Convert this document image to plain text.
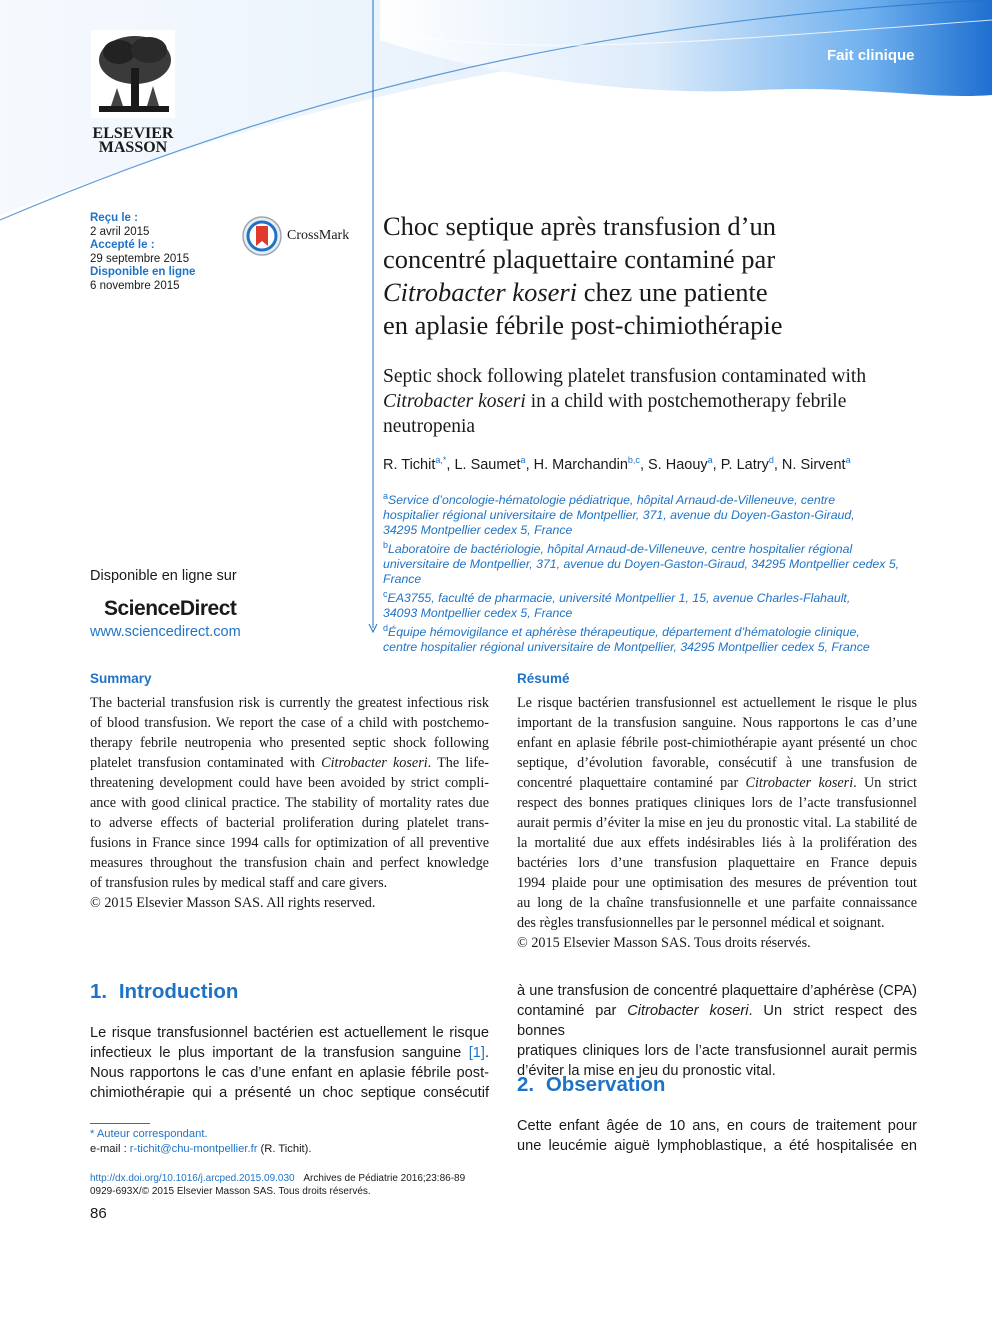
Fait clinique
ELSEVIER
MASSON
Reçu le :
2 avril 2015
Accepté le :
29 septembre 2015
Disponible en ligne
6 novembre 2015
CrossMark Choc septique après transfusion d’un
concentré plaquettaire contaminé par
Citrobacter koseri chez une patiente
en aplasie fébrile post-chimiothérapie
Septic shock following platelet transfusion contaminated with
Citrobacter koseri in a child with postchemotherapy febrile
neutropenia
R. Tichit$^{a,*}$, L. Saumet$^a$, H. Marchandin$^{b,c}$, S. Haouy$^a$, P. Latry$^d$, N. Sirvent$^a$
$^a$Service d’oncologie-hématologie pédiatrique, hôpital Arnaud-de-Villeneuve, centre
hospitalier régional universitaire de Montpellier, 371, avenue du Doyen-Gaston-Giraud,
34295 Montpellier cedex 5, France
$^b$Laboratoire de bactériologie, hôpital Arnaud-de-Villeneuve, centre hospitalier régional
universitaire de Montpellier, 371, avenue du Doyen-Gaston-Giraud, 34295 Montpellier cedex 5,
France
$^c$EA3755, faculté de pharmacie, université Montpellier 1, 15, avenue Charles-Flahault,
34093 Montpellier cedex 5, France
$^d$Équipe hémovigilance et aphérèse thérapeutique, département d’hématologie clinique,
centre hospitalier régional universitaire de Montpellier, 34295 Montpellier cedex 5, France
Disponible en ligne sur
ScienceDirect
www.sciencedirect.com
Summary
The bacterial transfusion risk is currently the greatest infectious risk
of blood transfusion. We report the case of a child with postchemo-
therapy febrile neutropenia who presented septic shock following
platelet transfusion contaminated with Citrobacter koseri. The life-
threatening development could have been avoided by strict compli-
ance with good clinical practice. The stability of mortality rates due
to adverse effects of bacterial proliferation during platelet trans-
fusions in France since 1994 calls for optimization of all preventive
measures throughout the transfusion chain and perfect knowledge
of transfusion rules by medical staff and care givers.
© 2015 Elsevier Masson SAS. All rights reserved.
Résumé
Le risque bactérien transfusionnel est actuellement le risque le plus
important de la transfusion sanguine. Nous rapportons le cas d’une
enfant en aplasie fébrile post-chimiothérapie ayant présenté un choc
septique, d’évolution favorable, consécutif à une transfusion de
concentré plaquettaire contaminé par Citrobacter koseri. Un strict
respect des bonnes pratiques cliniques lors de l’acte transfusionnel
aurait permis d’éviter la mise en jeu du pronostic vital. La stabilité de
la mortalité due aux effets indésirables liés à la prolifération des
bactéries lors d’une transfusion plaquettaire en France depuis
1994 plaide pour une optimisation des mesures de prévention tout
au long de la chaîne transfusionnelle et une parfaite connaissance
des règles transfusionnelles par le personnel médical et soignant.
© 2015 Elsevier Masson SAS. Tous droits réservés.
1. Introduction
Le risque transfusionnel bactérien est actuellement le risque
infectieux le plus important de la transfusion sanguine [1].
Nous rapportons le cas d’une enfant en aplasie fébrile post-
chimiothérapie qui a présenté un choc septique consécutif
à une transfusion de concentré plaquettaire d’aphérèse (CPA)
contaminé par Citrobacter koseri. Un strict respect des bonnes
pratiques cliniques lors de l’acte transfusionnel aurait permis
d’éviter la mise en jeu du pronostic vital.
2. Observation
Cette enfant âgée de 10 ans, en cours de traitement pour
une leucémie aiguë lymphoblastique, a été hospitalisée en
* Auteur correspondant.
e-mail : r-tichit@chu-montpellier.fr (R. Tichit).
http://dx.doi.org/10.1016/j.arcped.2015.09.030 Archives de Pédiatrie 2016;23:86-89
0929-693X/© 2015 Elsevier Masson SAS. Tous droits réservés.
86
